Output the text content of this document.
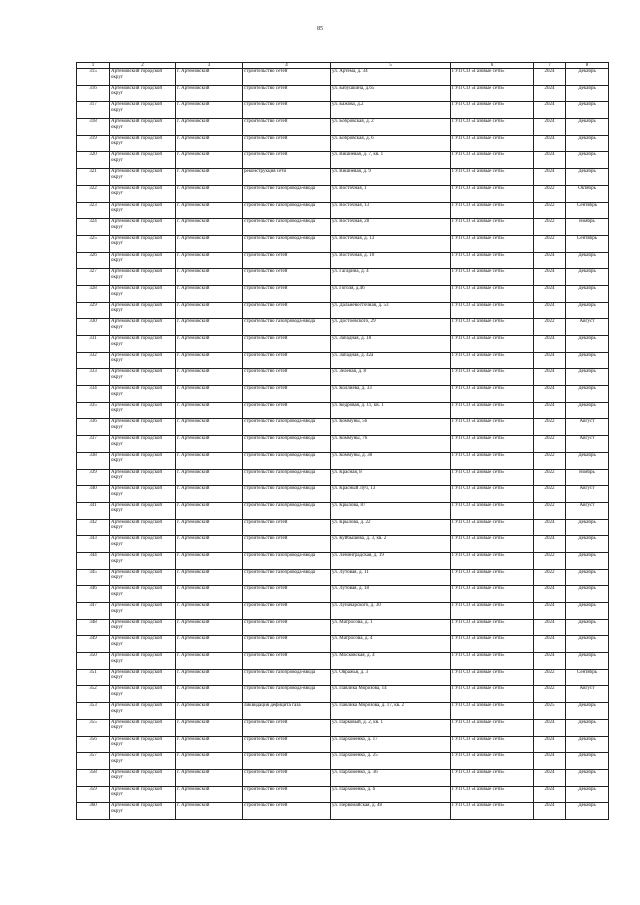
85
1	2	3	4	5	6	7	8
315	Артемовский городской округ	г. Артемовский	строительство сетей	ул. Артема, д. 34	ГУП СО «Газовые сети»	2024	Декабрь
316	Артемовский городской округ	г. Артемовский	строительство сетей	ул. Бабушкина, д.65	ГУП СО «Газовые сети»	2024	Декабрь
317	Артемовский городской округ	г. Артемовский	строительство сетей	ул. Бажова, д.2	ГУП СО «Газовые сети»	2024	Декабрь
318	Артемовский городской округ	г. Артемовский	строительство сетей	ул. Бобровская, д. 2	ГУП СО «Газовые сети»	2024	Декабрь
319	Артемовский городской округ	г. Артемовский	строительство сетей	ул. Бобровская, д. 6	ГУП СО «Газовые сети»	2024	Декабрь
320	Артемовский городской округ	г. Артемовский	строительство сетей	ул. Вишневая, д. 7, кв. 1	ГУП СО «Газовые сети»	2024	Декабрь
321	Артемовский городской округ	г. Артемовский	реконструкция сети	ул. Вишневая, д. 9	ГУП СО «Газовые сети»	2024	Декабрь
322	Артемовский городской округ	г. Артемовский	строительство газопровода-ввода	ул. Восточная, 1	ГУП СО «Газовые сети»	2022	Октябрь
323	Артемовский городской округ	г. Артемовский	строительство газопровода-ввода	ул. Восточная, 13	ГУП СО «Газовые сети»	2022	Сентябрь
324	Артемовский городской округ	г. Артемовский	строительство газопровода-ввода	ул. Восточная, 28	ГУП СО «Газовые сети»	2022	Ноябрь
325	Артемовский городской округ	г. Артемовский	строительство газопровода-ввода	ул. Восточная, д. 13	ГУП СО «Газовые сети»	2022	Сентябрь
326	Артемовский городской округ	г. Артемовский	строительство сетей	ул. Восточная, д. 10	ГУП СО «Газовые сети»	2024	Декабрь
327	Артемовский городской округ	г. Артемовский	строительство сетей	ул. Гагарина, д. 4	ГУП СО «Газовые сети»	2024	Декабрь
328	Артемовский городской округ	г. Артемовский	строительство сетей	ул. Гоголя, д.46	ГУП СО «Газовые сети»	2024	Декабрь
329	Артемовский городской округ	г. Артемовский	строительство сетей	ул. Дальневосточная, д. 53	ГУП СО «Газовые сети»	2024	Декабрь
330	Артемовский городской округ	г. Артемовский	строительство газопровода-ввода	ул. Достоевского, 29	ГУП СО «Газовые сети»	2022	Август
331	Артемовский городской округ	г. Артемовский	строительство сетей	ул. Западная, д. 18	ГУП СО «Газовые сети»	2024	Декабрь
332	Артемовский городской округ	г. Артемовский	строительство сетей	ул. Западная, д. 42а	ГУП СО «Газовые сети»	2024	Декабрь
333	Артемовский городской округ	г. Артемовский	строительство сетей	ул. Зеленая, д. 8	ГУП СО «Газовые сети»	2024	Декабрь
334	Артемовский городской округ	г. Артемовский	строительство сетей	ул. Коллиева, д. 33	ГУП СО «Газовые сети»	2024	Декабрь
335	Артемовский городской округ	г. Артемовский	строительство сетей	ул. Кедровая, д. 11, кв. 1	ГУП СО «Газовые сети»	2024	Декабрь
336	Артемовский городской округ	г. Артемовский	строительство газопровода-ввода	ул. Коммуны, 56	ГУП СО «Газовые сети»	2022	Август
337	Артемовский городской округ	г. Артемовский	строительство газопровода-ввода	ул. Коммуны, 76	ГУП СО «Газовые сети»	2022	Август
338	Артемовский городской округ	г. Артемовский	строительство газопровода-ввода	ул. Коммуны, д. 38	ГУП СО «Газовые сети»	2022	Декабрь
339	Артемовский городской округ	г. Артемовский	строительство газопровода-ввода	ул. Красная, 8	ГУП СО «Газовые сети»	2022	Ноябрь
340	Артемовский городской округ	г. Артемовский	строительство газопровода-ввода	ул. Красный Луч, 13	ГУП СО «Газовые сети»	2022	Август
341	Артемовский городской округ	г. Артемовский	строительство газопровода-ввода	ул. Крылова, 87	ГУП СО «Газовые сети»	2022	Август
342	Артемовский городской округ	г. Артемовский	строительство сетей	ул. Крылова, д. 22	ГУП СО «Газовые сети»	2024	Декабрь
343	Артемовский городской округ	г. Артемовский	строительство сетей	ул. Куйбышева, д. 3, кв. 2	ГУП СО «Газовые сети»	2024	Декабрь
344	Артемовский городской округ	г. Артемовский	строительство газопровода-ввода	ул. Ленинградская, д. 19	ГУП СО «Газовые сети»	2022	Декабрь
345	Артемовский городской округ	г. Артемовский	строительство газопровода-ввода	ул. Лутовая, д. 11	ГУП СО «Газовые сети»	2022	Декабрь
346	Артемовский городской округ	г. Артемовский	строительство сетей	ул. Лутовая, д. 18	ГУП СО «Газовые сети»	2024	Декабрь
347	Артемовский городской округ	г. Артемовский	строительство сетей	ул. Луначарского, д. 30	ГУП СО «Газовые сети»	2024	Декабрь
348	Артемовский городской округ	г. Артемовский	строительство сетей	ул. Матросова, д. 1	ГУП СО «Газовые сети»	2024	Декабрь
349	Артемовский городской округ	г. Артемовский	строительство сетей	ул. Матросова, д. 4	ГУП СО «Газовые сети»	2024	Декабрь
350	Артемовский городской округ	г. Артемовский	строительство сетей	ул. Московская, д. 4	ГУП СО «Газовые сети»	2024	Декабрь
351	Артемовский городской округ	г. Артемовский	строительство газопровода-ввода	ул. Овражья, д. 3	ГУП СО «Газовые сети»	2022	Сентябрь
352	Артемовский городской округ	г. Артемовский	строительство газопровода-ввода	ул. Павлика Морозова, 14	ГУП СО «Газовые сети»	2022	Август
353	Артемовский городской округ	г. Артемовский	ликвидация дефицита газа	ул. Павлика Морозова, д. 17, кв. 2	ГУП СО «Газовые сети»	2025	Декабрь
355	Артемовский городской округ	г. Артемовский	строительство сетей	ул. Парковый, д. 2, кв. 1	ГУП СО «Газовые сети»	2024	Декабрь
356	Артемовский городской округ	г. Артемовский	строительство сетей	ул. Пархоменко, д. 17	ГУП СО «Газовые сети»	2024	Декабрь
357	Артемовский городской округ	г. Артемовский	строительство сетей	ул. Пархоменко, д. 25	ГУП СО «Газовые сети»	2024	Декабрь
358	Артемовский городской округ	г. Артемовский	строительство сетей	ул. Пархоменко, д. 36	ГУП СО «Газовые сети»	2024	Декабрь
359	Артемовский городской округ	г. Артемовский	строительство сетей	ул. Пархоменко, д. 6	ГУП СО «Газовые сети»	2024	Декабрь
360	Артемовский городской округ	г. Артемовский	строительство сетей	ул. Первомайская, д. 48	ГУП СО «Газовые сети»	2024	Декабрь
